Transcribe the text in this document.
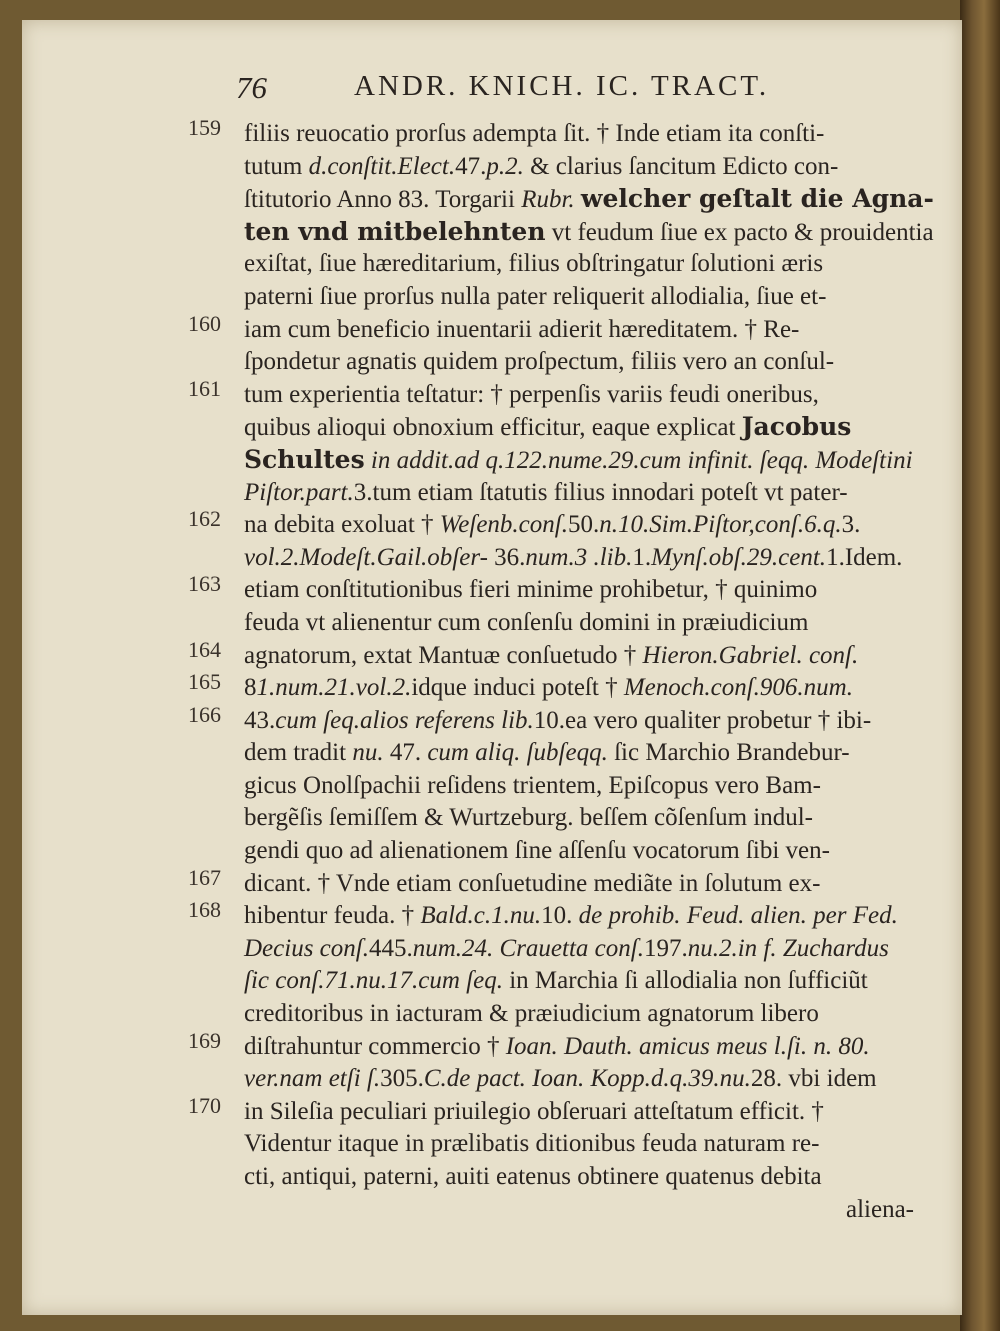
76	ANDR. KNICH. IC. TRACT.
159 filiis reuocatio prorſus adempta ſit. † Inde etiam ita conſti-
tutum d.conſtit.Elect.47.p.2. & clarius ſancitum Edicto con-
ſtitutorio Anno 83. Torgarii Rubr. welcher geſtalt die Agna-
ten vnd mitbelehnten vt feudum ſiue ex pacto & prouidentia
exiſtat, ſiue hæreditarium, filius obſtringatur ſolutioni æris
paterni ſiue prorſus nulla pater reliquerit allodialia, ſiue et-
160 iam cum beneficio inuentarii adierit hæreditatem. † Re-
ſpondetur agnatis quidem proſpectum, filiis vero an conſul-
161 tum experientia teſtatur: † perpenſis variis feudi oneribus,
quibus alioqui obnoxium efficitur, eaque explicat Jacobus
Schultes in addit.ad q.122.nume.29.cum infinit. ſeqq. Modeſtini
Piſtor.part.3.tum etiam ſtatutis filius innodari poteſt vt pater-
162 na debita exoluat † Weſenb.conſ.50.n.10.Sim.Piſtor,conſ.6.q.3.
vol.2.Modeſt.Gail.obſer- 36.num.3 .lib.1.Mynſ.obſ.29.cent.1.Idem.
163 etiam conſtitutionibus fieri minime prohibetur, † quinimo
feuda vt alienentur cum conſenſu domini in præiudicium
164 agnatorum, extat Mantuæ conſuetudo † Hieron.Gabriel. conſ.
165 81.num.21.vol.2.idque induci poteſt † Menoch.conſ.906.num.
166 43.cum ſeq.alios referens lib.10.ea vero qualiter probetur † ibi-
dem tradit nu. 47. cum aliq. ſubſeqq. ſic Marchio Brandebur-
gicus Onolſpachii reſidens trientem, Epiſcopus vero Bam-
bergẽſis ſemiſſem & Wurtzeburg. beſſem cõſenſum indul-
gendi quo ad alienationem ſine aſſenſu vocatorum ſibi ven-
167 dicant. † Vnde etiam conſuetudine mediãte in ſolutum ex-
168 hibentur feuda. † Bald.c.1.nu.10. de prohib. Feud. alien. per Fed.
Decius conſ.445.num.24. Crauetta conſ.197.nu.2.in f. Zuchardus
ſic conſ.71.nu.17.cum ſeq. in Marchia ſi allodialia non ſufficiũt
creditoribus in iacturam & præiudicium agnatorum libero
169 diſtrahuntur commercio † Ioan. Dauth. amicus meus l.ſi. n. 80.
ver.nam etſi ſ.305.C.de pact. Ioan. Kopp.d.q.39.nu.28. vbi idem
170 in Sileſia peculiari priuilegio obſeruari atteſtatum efficit. †
Videntur itaque in prælibatis ditionibus feuda naturam re-
cti, antiqui, paterni, auiti eatenus obtinere quatenus debita
aliena-
